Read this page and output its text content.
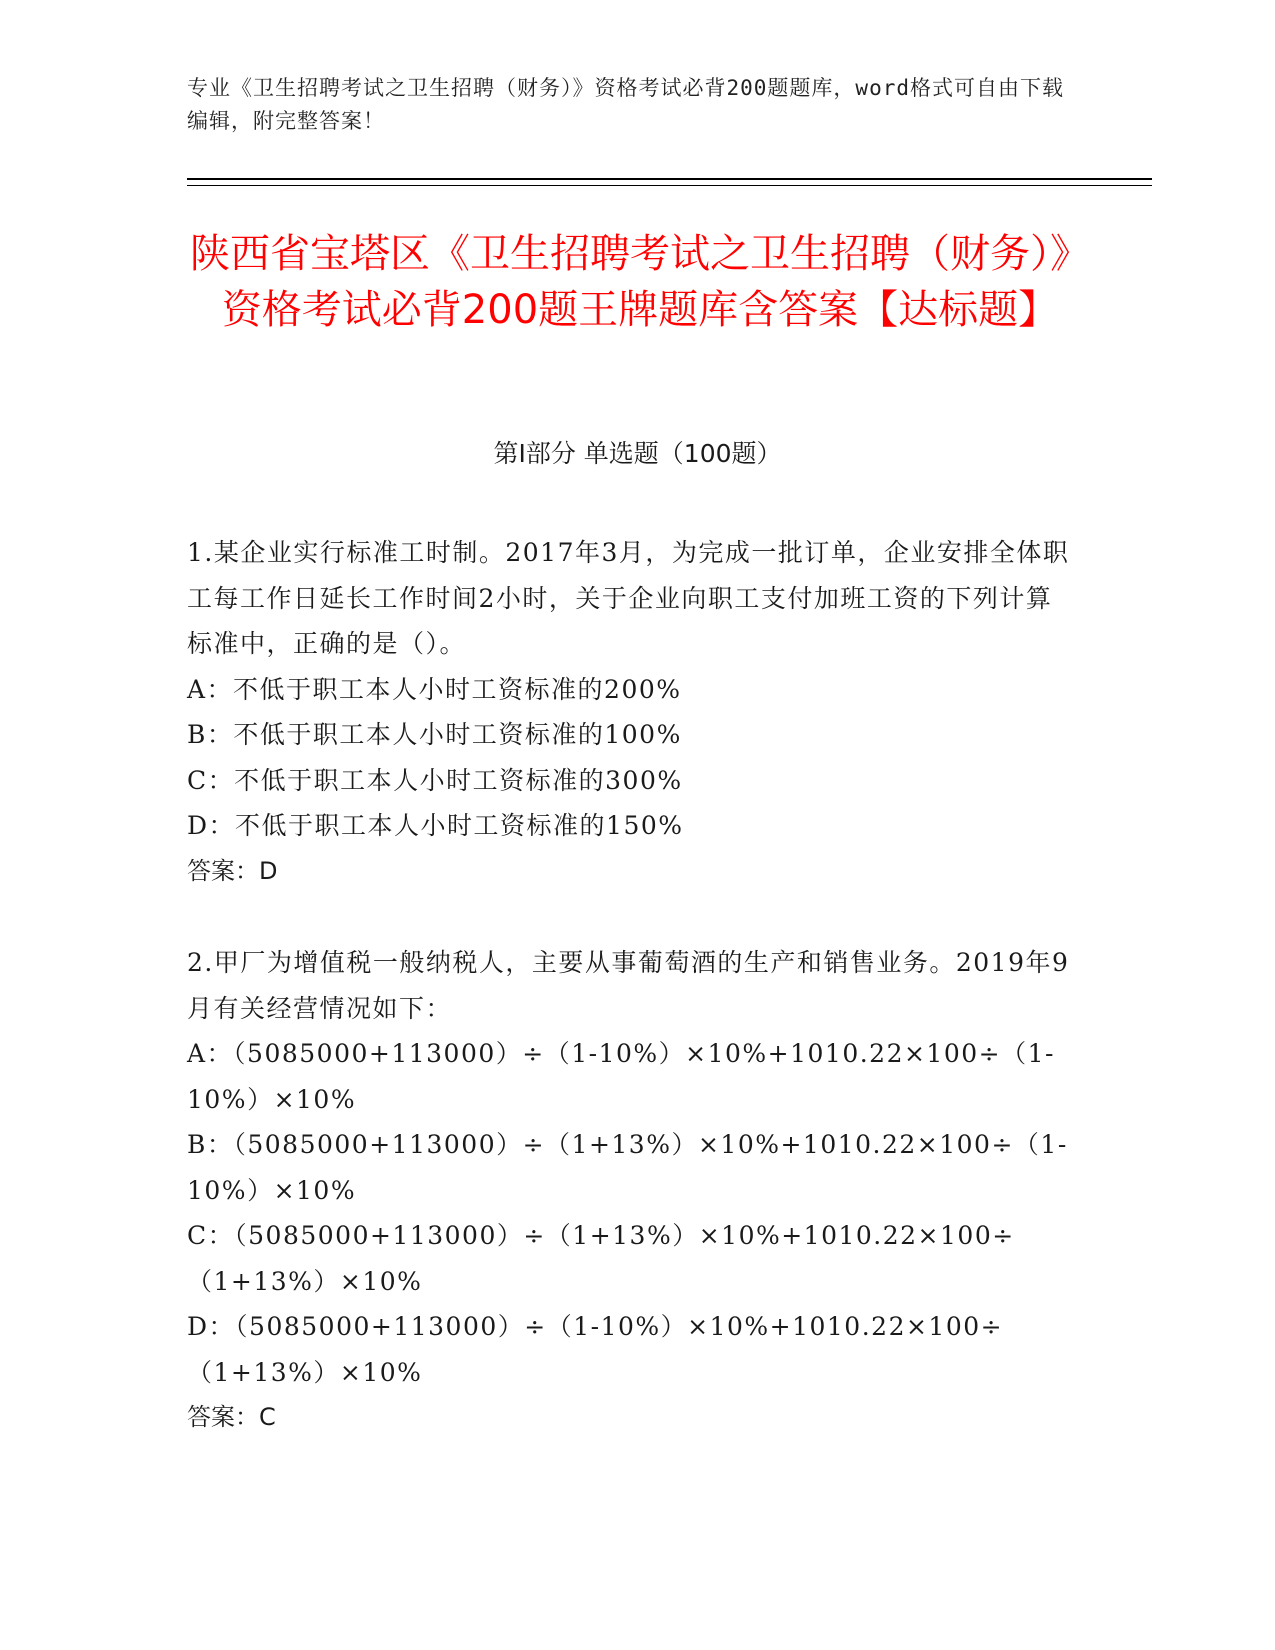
专业《卫生招聘考试之卫生招聘（财务）》资格考试必背200题题库，word格式可自由下载编辑，附完整答案！
陕西省宝塔区《卫生招聘考试之卫生招聘（财务）》资格考试必背200题王牌题库含答案【达标题】
第I部分 单选题（100题）

1.某企业实行标准工时制。2017年3月，为完成一批订单，企业安排全体职工每工作日延长工作时间2小时，关于企业向职工支付加班工资的下列计算标准中，正确的是（）。

A：不低于职工本人小时工资标准的200%

B：不低于职工本人小时工资标准的100%

C：不低于职工本人小时工资标准的300%

D：不低于职工本人小时工资标准的150%

答案：D

2.甲厂为增值税一般纳税人，主要从事葡萄酒的生产和销售业务。2019年9月有关经营情况如下：

A：（5085000+113000）÷（1-10%）×10%+1010.22×100÷（1-10%）×10%

B：（5085000+113000）÷（1+13%）×10%+1010.22×100÷（1-10%）×10%

C：（5085000+113000）÷（1+13%）×10%+1010.22×100÷（1+13%）×10%

D：（5085000+113000）÷（1-10%）×10%+1010.22×100÷（1+13%）×10%

答案：C
